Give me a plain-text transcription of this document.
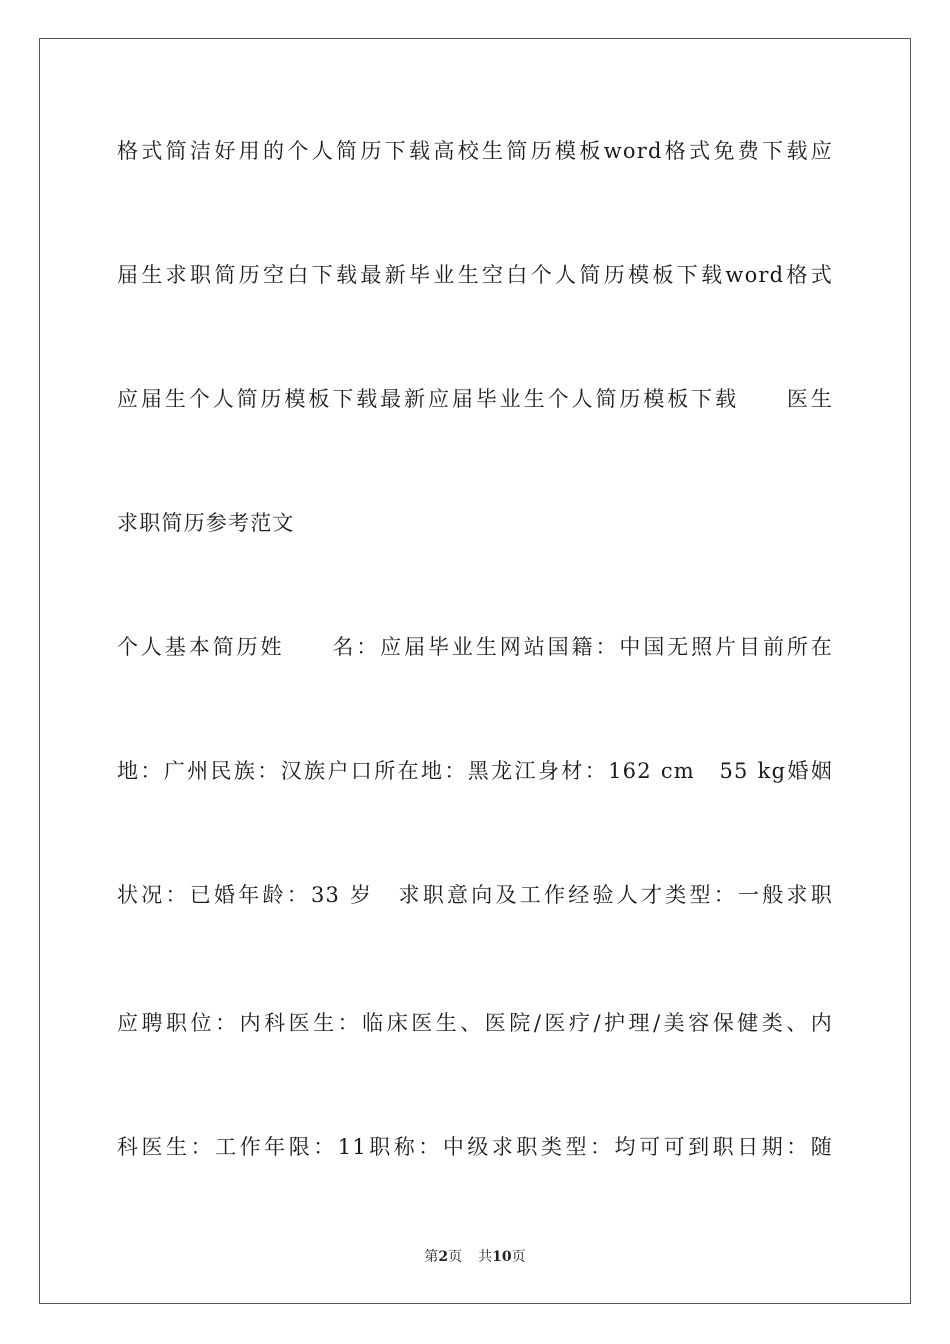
格式简洁好用的个人简历下载高校生简历模板word格式免费下载应
届生求职简历空白下载最新毕业生空白个人简历模板下载word格式
应届生个人简历模板下载最新应届毕业生个人简历模板下载　　医生
求职简历参考范文
个人基本简历姓　　名：应届毕业生网站国籍：中国无照片目前所在
地：广州民族：汉族户口所在地：黑龙江身材：162 cm　55 kg婚姻
状况：已婚年龄：33 岁　求职意向及工作经验人才类型：一般求职
应聘职位：内科医生：临床医生、医院/医疗/护理/美容保健类、内
科医生：工作年限：11职称：中级求职类型：均可可到职日期：随
第2页 共10页
